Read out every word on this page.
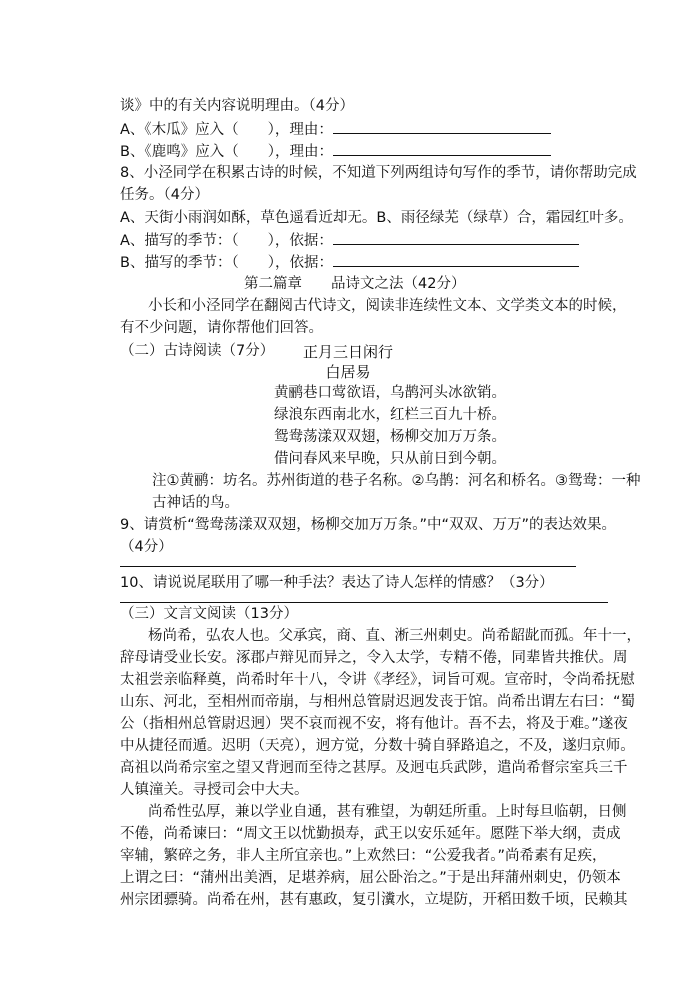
谈》中的有关内容说明理由。（4分）
A、《木瓜》应入（　　），理由：
B、《鹿鸣》应入（　　），理由：
8、小泾同学在积累古诗的时候，不知道下列两组诗句写作的季节，请你帮助完成
任务。（4分）
A、天街小雨润如酥，草色遥看近却无。B、雨径绿芜（绿草）合，霜园红叶多。
A、描写的季节：（　　），依据：
B、描写的季节：（　　），依据：
第二篇章　　品诗文之法（42分）
小长和小泾同学在翻阅古代诗文，阅读非连续性文本、文学类文本的时候，
有不少问题，请你帮他们回答。
（二）古诗阅读（7分）	正月三日闲行
白居易
黄鹂巷口莺欲语，乌鹊河头冰欲销。
绿浪东西南北水，红栏三百九十桥。
鸳鸯荡漾双双翅，杨柳交加万万条。
借问春风来早晚，只从前日到今朝。
注①黄鹂：坊名。苏州街道的巷子名称。②乌鹊：河名和桥名。③鸳鸯：一种
古神话的鸟。
9、请赏析“鸳鸯荡漾双双翅，杨柳交加万万条。”中“双双、万万”的表达效果。
（4分）
10、请说说尾联用了哪一种手法？表达了诗人怎样的情感？（3分）
（三）文言文阅读（13分）
杨尚希，弘农人也。父承宾，商、直、淅三州刺史。尚希龆龀而孤。年十一，
辞母请受业长安。涿郡卢辩见而异之，令入太学，专精不倦，同辈皆共推伏。周
太祖尝亲临释奠，尚希时年十八，令讲《孝经》，词旨可观。宣帝时，令尚希抚慰
山东、河北，至相州而帝崩，与相州总管尉迟迥发丧于馆。尚希出谓左右曰：“蜀
公（指相州总管尉迟迥）哭不哀而视不安，将有他计。吾不去，将及于难。”遂夜
中从捷径而遁。迟明（天亮），迥方觉，分数十骑自驿路追之，不及，遂归京师。
高祖以尚希宗室之望又背迥而至待之甚厚。及迥屯兵武陟，遣尚希督宗室兵三千
人镇潼关。寻授司会中大夫。
尚希性弘厚，兼以学业自通，甚有雅望，为朝廷所重。上时每旦临朝，日侧
不倦，尚希谏曰：“周文王以忧勤损寿，武王以安乐延年。愿陛下举大纲，责成
宰辅，繁碎之务，非人主所宜亲也。”上欢然曰：“公爱我者。”尚希素有足疾，
上谓之曰：“蒲州出美酒，足堪养病，屈公卧治之。”于是出拜蒲州刺史，仍领本
州宗团骠骑。尚希在州，甚有惠政，复引瀵水，立堤防，开稻田数千顷，民赖其
